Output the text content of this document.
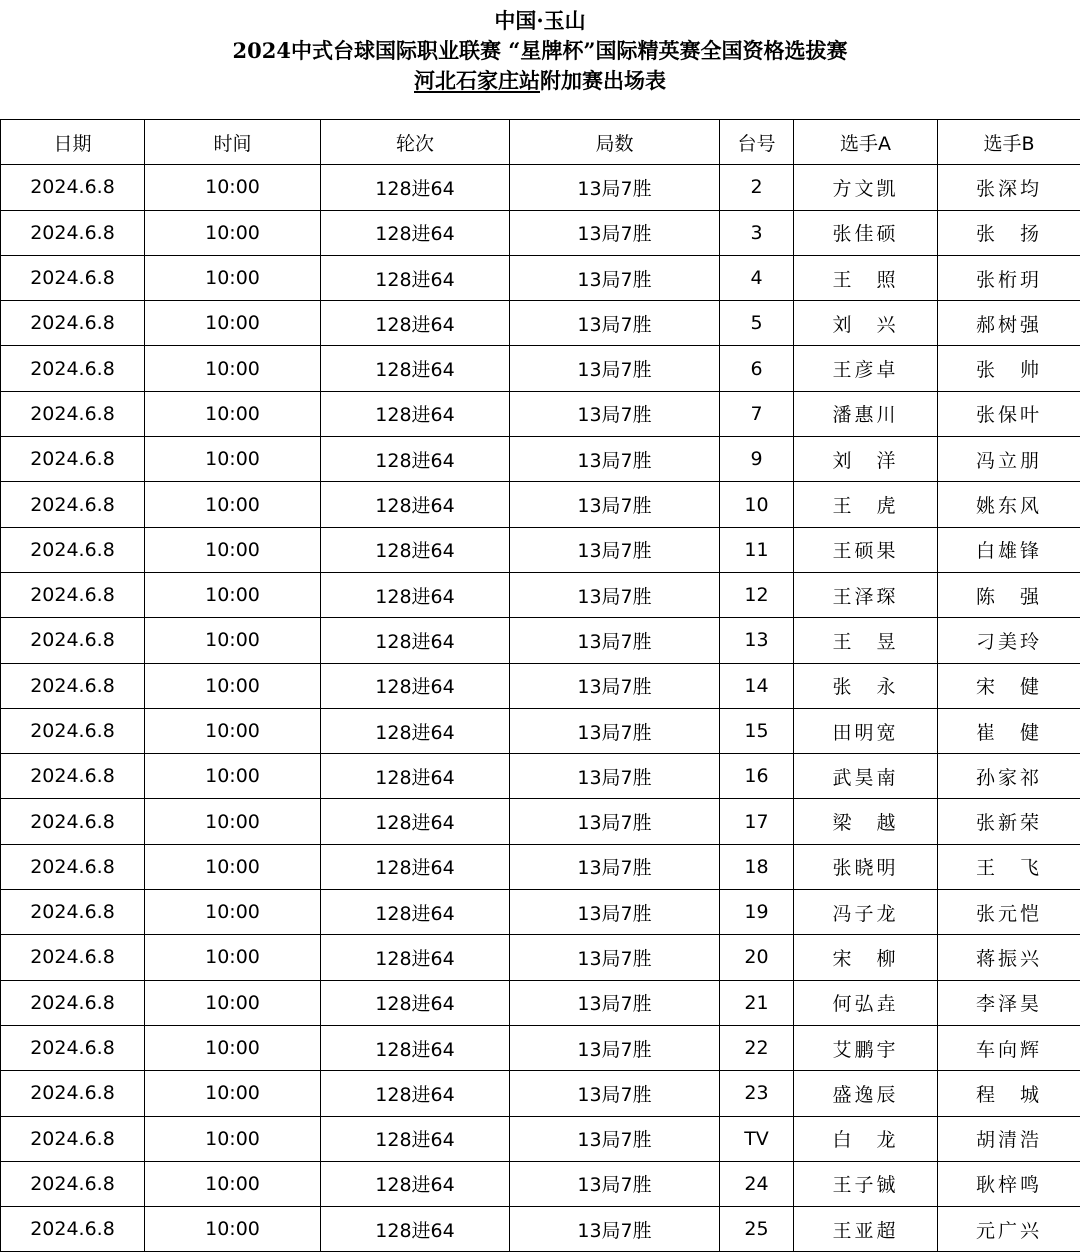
中国·玉山
2024中式台球国际职业联赛 “星牌杯”国际精英赛全国资格选拔赛
河北石家庄站附加赛出场表
日期	时间	轮次	局数	台号	选手A	选手B
2024.6.8	10:00	128进64	13局7胜	2	方文凯	张深均
2024.6.8	10:00	128进64	13局7胜	3	张佳硕	张　扬
2024.6.8	10:00	128进64	13局7胜	4	王　照	张桁玥
2024.6.8	10:00	128进64	13局7胜	5	刘　兴	郝树强
2024.6.8	10:00	128进64	13局7胜	6	王彦卓	张　帅
2024.6.8	10:00	128进64	13局7胜	7	潘惠川	张保叶
2024.6.8	10:00	128进64	13局7胜	9	刘　洋	冯立朋
2024.6.8	10:00	128进64	13局7胜	10	王　虎	姚东风
2024.6.8	10:00	128进64	13局7胜	11	王硕果	白雄锋
2024.6.8	10:00	128进64	13局7胜	12	王泽琛	陈　强
2024.6.8	10:00	128进64	13局7胜	13	王　昱	刁美玲
2024.6.8	10:00	128进64	13局7胜	14	张　永	宋　健
2024.6.8	10:00	128进64	13局7胜	15	田明宽	崔　健
2024.6.8	10:00	128进64	13局7胜	16	武昊南	孙家祁
2024.6.8	10:00	128进64	13局7胜	17	梁　越	张新荣
2024.6.8	10:00	128进64	13局7胜	18	张晓明	王　飞
2024.6.8	10:00	128进64	13局7胜	19	冯子龙	张元恺
2024.6.8	10:00	128进64	13局7胜	20	宋　柳	蒋振兴
2024.6.8	10:00	128进64	13局7胜	21	何弘垚	李泽昊
2024.6.8	10:00	128进64	13局7胜	22	艾鹏宇	车向辉
2024.6.8	10:00	128进64	13局7胜	23	盛逸辰	程　城
2024.6.8	10:00	128进64	13局7胜	TV	白　龙	胡清浩
2024.6.8	10:00	128进64	13局7胜	24	王子铖	耿梓鸣
2024.6.8	10:00	128进64	13局7胜	25	王亚超	元广兴
